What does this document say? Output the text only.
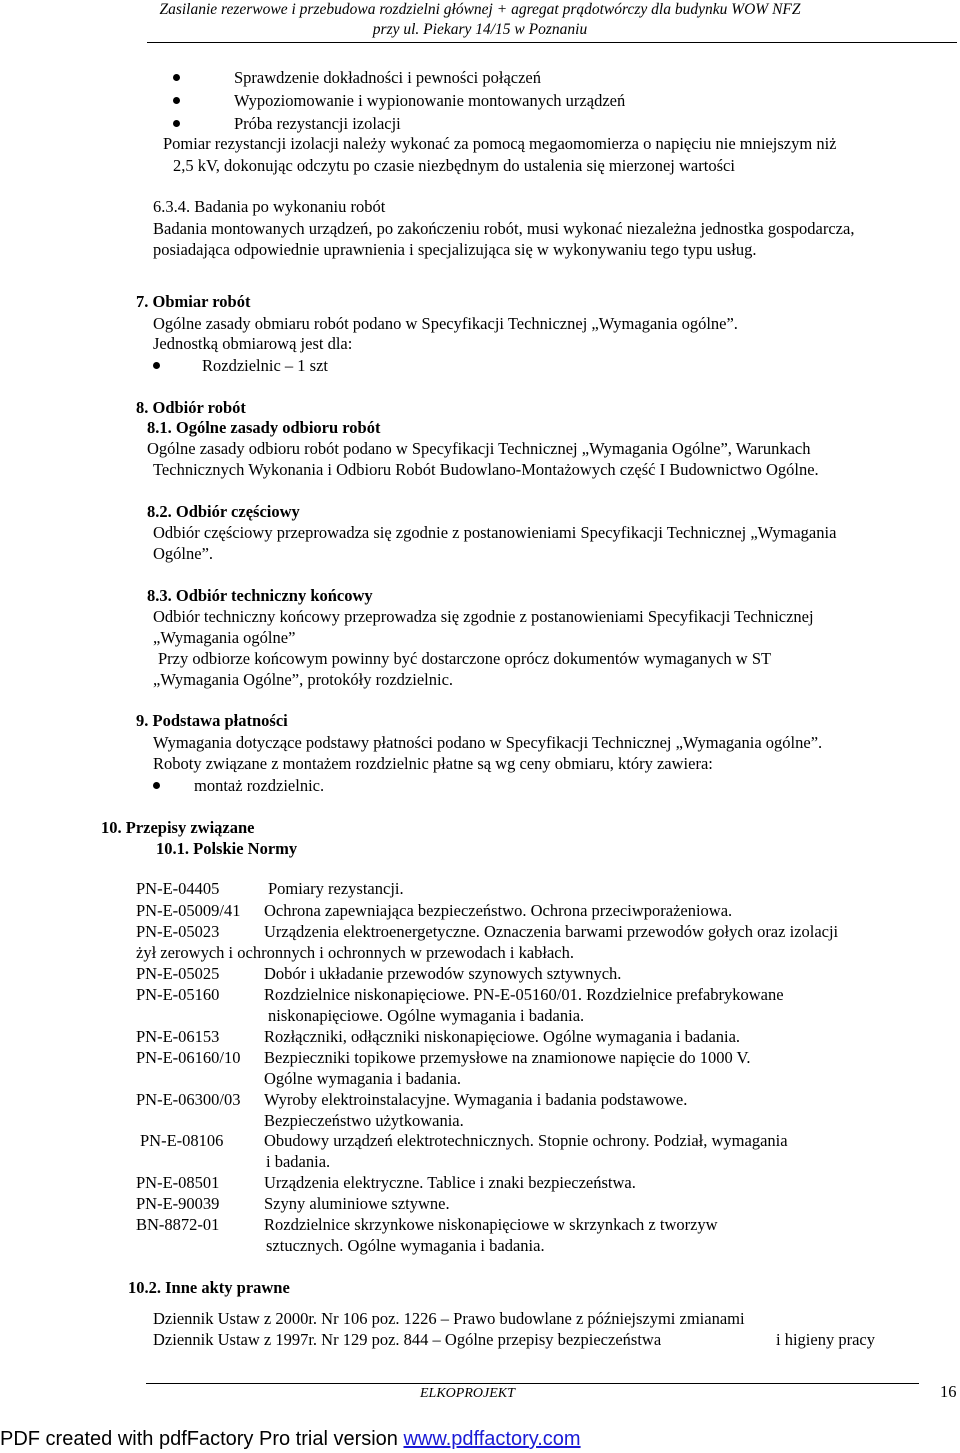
Zasilanie rezerwowe i przebudowa rozdzielni głównej + agregat prądotwórczy dla budynku WOW NFZ
przy ul. Piekary 14/15 w Poznaniu
Sprawdzenie dokładności i pewności połączeń
Wypoziomowanie i wypionowanie montowanych urządzeń
Próba rezystancji izolacji
Pomiar rezystancji izolacji należy wykonać za pomocą megaomomierza o napięciu nie mniejszym niż
2,5 kV, dokonując odczytu po czasie niezbędnym do ustalenia się mierzonej wartości
6.3.4. Badania po wykonaniu robót
Badania montowanych urządzeń, po zakończeniu robót, musi wykonać niezależna jednostka gospodarcza,
posiadająca odpowiednie uprawnienia i specjalizująca się w wykonywaniu tego typu usług.
7. Obmiar robót
Ogólne zasady obmiaru robót podano w Specyfikacji Technicznej „Wymagania ogólne”.
Jednostką obmiarową jest dla:
Rozdzielnic – 1 szt
8. Odbiór robót
8.1. Ogólne zasady odbioru robót
Ogólne zasady odbioru robót podano w Specyfikacji Technicznej „Wymagania Ogólne”, Warunkach
Technicznych Wykonania i Odbioru Robót Budowlano-Montażowych część I Budownictwo Ogólne.
8.2. Odbiór częściowy
Odbiór częściowy przeprowadza się zgodnie z postanowieniami Specyfikacji Technicznej „Wymagania
Ogólne”.
8.3. Odbiór techniczny końcowy
Odbiór techniczny końcowy przeprowadza się zgodnie z postanowieniami Specyfikacji Technicznej
„Wymagania ogólne”
Przy odbiorze końcowym powinny być dostarczone oprócz dokumentów wymaganych w ST
„Wymagania Ogólne”, protokóły rozdzielnic.
9. Podstawa płatności
Wymagania dotyczące podstawy płatności podano w Specyfikacji Technicznej „Wymagania ogólne”.
Roboty związane z montażem rozdzielnic płatne są wg ceny obmiaru, który zawiera:
montaż rozdzielnic.
10. Przepisy związane
10.1. Polskie Normy
PN-E-04405	Pomiary rezystancji.
PN-E-05009/41 Ochrona zapewniająca bezpieczeństwo. Ochrona przeciwporażeniowa.
PN-E-05023	Urządzenia elektroenergetyczne. Oznaczenia barwami przewodów gołych oraz izolacji
żył zerowych i ochronnych i ochronnych w przewodach i kabłach.
PN-E-05025	Dobór i układanie przewodów szynowych sztywnych.
PN-E-05160	Rozdzielnice niskonapięciowe. PN-E-05160/01. Rozdzielnice prefabrykowane
niskonapięciowe. Ogólne wymagania i badania.
PN-E-06153	Rozłączniki, odłączniki niskonapięciowe. Ogólne wymagania i badania.
PN-E-06160/10 Bezpieczniki topikowe przemysłowe na znamionowe napięcie do 1000 V.
Ogólne wymagania i badania.
PN-E-06300/03 Wyroby elektroinstalacyjne. Wymagania i badania podstawowe.
Bezpieczeństwo użytkowania.
PN-E-08106 Obudowy urządzeń elektrotechnicznych. Stopnie ochrony. Podział, wymagania
i badania.
PN-E-08501	Urządzenia elektryczne. Tablice i znaki bezpieczeństwa.
PN-E-90039	Szyny aluminiowe sztywne.
BN-8872-01	Rozdzielnice skrzynkowe niskonapięciowe w skrzynkach z tworzyw
sztucznych. Ogólne wymagania i badania.
10.2. Inne akty prawne
Dziennik Ustaw z 2000r. Nr 106 poz. 1226 – Prawo budowlane z późniejszymi zmianami
Dziennik Ustaw z 1997r. Nr 129 poz. 844 – Ogólne przepisy bezpieczeństwa	i higieny pracy
ELKOPROJEKT	16
PDF created with pdfFactory Pro trial version www.pdffactory.com
